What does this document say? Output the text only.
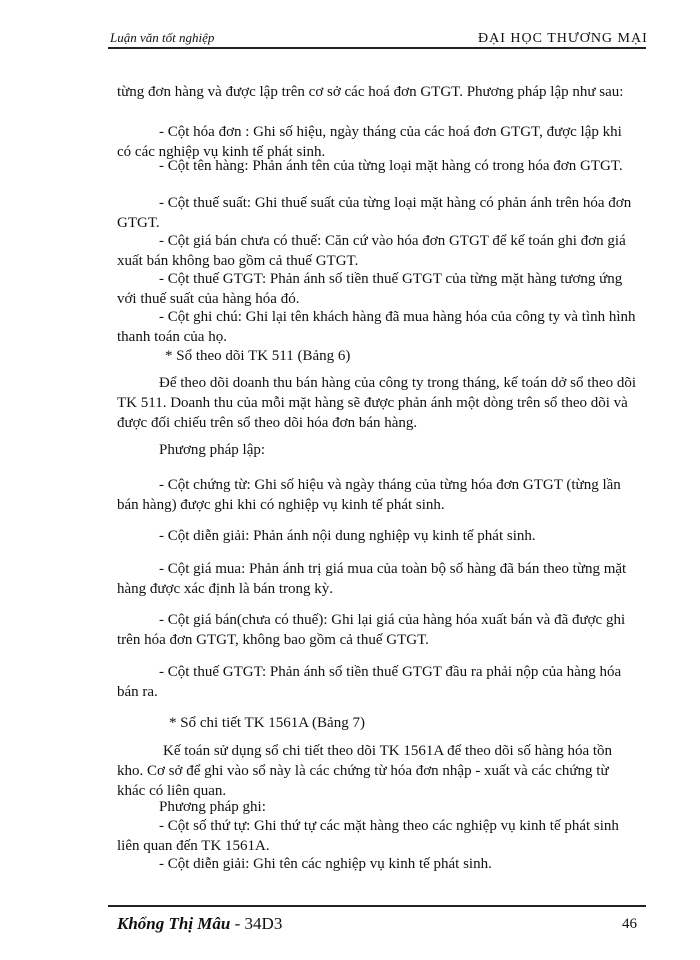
Luận văn tốt nghiệp	ĐẠI HỌC THƯƠNG MẠI

từng đơn hàng và được lập trên cơ sở các hoá đơn GTGT. Phương pháp lập như sau:

- Cột hóa đơn : Ghi số hiệu, ngày tháng của các hoá đơn GTGT, được lập khi có các nghiệp vụ kinh tế phát sinh.

- Cột tên hàng: Phản ánh tên của từng loại mặt hàng có trong hóa đơn GTGT.

- Cột thuế suất: Ghi thuế suất của từng loại mặt hàng có phản ánh trên hóa đơn GTGT.

- Cột giá bán chưa có thuế: Căn cứ vào hóa đơn GTGT để kế toán ghi đơn giá xuất bán không bao gồm cả thuế GTGT.

- Cột thuế GTGT: Phản ánh số tiền thuế GTGT của từng mặt hàng tương ứng với thuế suất của hàng hóa đó.

- Cột ghi chú: Ghi lại tên khách hàng đã mua hàng hóa của công ty và tình hình thanh toán của họ.

* Sổ theo dõi TK 511 (Bảng 6)

Để theo dõi doanh thu bán hàng của công ty trong tháng, kế toán dở sổ theo dõi TK 511. Doanh thu của mỗi mặt hàng sẽ được phản ánh một dòng trên sổ theo dõi và được đối chiếu trên sổ theo dõi hóa đơn bán hàng.

Phương pháp lập:

- Cột chứng từ: Ghi số hiệu và ngày tháng của từng hóa đơn GTGT (từng lần bán hàng) được ghi khi có nghiệp vụ kinh tế phát sinh.

- Cột diễn giải: Phản ánh nội dung nghiệp vụ kinh tế phát sinh.

- Cột giá mua: Phản ánh trị giá mua của toàn bộ số hàng đã bán theo từng mặt hàng được xác định là bán trong kỳ.

- Cột giá bán(chưa có thuế): Ghi lại giá của hàng hóa xuất bán và đã được ghi trên hóa đơn GTGT, không bao gồm cả thuế GTGT.

- Cột thuế GTGT: Phản ánh số tiền thuế GTGT đầu ra phải nộp của hàng hóa bán ra.

* Sổ chi tiết TK 1561A (Bảng 7)

Kế toán sử dụng sổ chi tiết theo dõi TK 1561A để theo dõi số hàng hóa tồn kho. Cơ sở để ghi vào sổ này là các chứng từ hóa đơn nhập - xuất và các chứng từ khác có liên quan.

Phương pháp ghi:

- Cột số thứ tự: Ghi thứ tự các mặt hàng theo các nghiệp vụ kinh tế phát sinh liên quan đến TK 1561A.

- Cột diễn giải: Ghi tên các nghiệp vụ kinh tế phát sinh.

Khổng Thị Mâu - 34D3	46
